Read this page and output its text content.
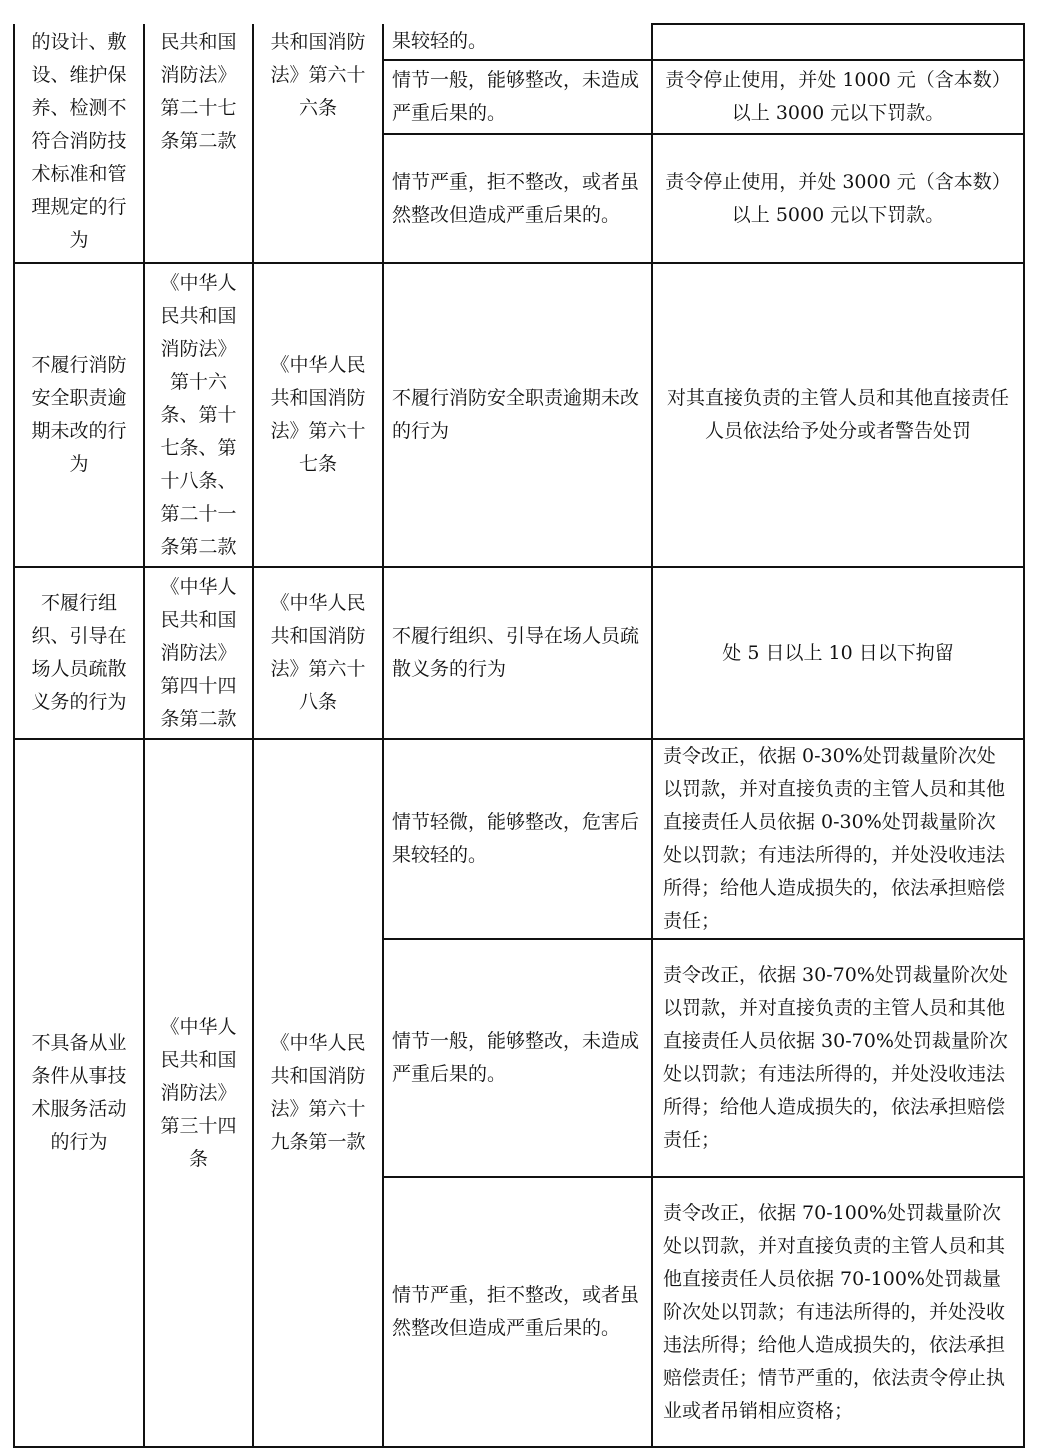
的设计、敷设、维护保养、检测不符合消防技术标准和管理规定的行为	民共和国消防法》第二十七条第二款	共和国消防法》第六十六条	果较轻的。	
			情节一般，能够整改，未造成严重后果的。	责令停止使用，并处 1000 元（含本数）以上 3000 元以下罚款。
			情节严重，拒不整改，或者虽然整改但造成严重后果的。	责令停止使用，并处 3000 元（含本数）以上 5000 元以下罚款。
不履行消防安全职责逾期未改的行为	《中华人民共和国消防法》第十六条、第十七条、第十八条、第二十一条第二款	《中华人民共和国消防法》第六十七条	不履行消防安全职责逾期未改的行为	对其直接负责的主管人员和其他直接责任人员依法给予处分或者警告处罚
不履行组织、引导在场人员疏散义务的行为	《中华人民共和国消防法》第四十四条第二款	《中华人民共和国消防法》第六十八条	不履行组织、引导在场人员疏散义务的行为	处 5 日以上 10 日以下拘留
不具备从业条件从事技术服务活动的行为	《中华人民共和国消防法》第三十四条	《中华人民共和国消防法》第六十九条第一款	情节轻微，能够整改，危害后果较轻的。	责令改正，依据 0-30%处罚裁量阶次处以罚款，并对直接负责的主管人员和其他直接责任人员依据 0-30%处罚裁量阶次处以罚款；有违法所得的，并处没收违法所得；给他人造成损失的，依法承担赔偿责任；
			情节一般，能够整改，未造成严重后果的。	责令改正，依据 30-70%处罚裁量阶次处以罚款，并对直接负责的主管人员和其他直接责任人员依据 30-70%处罚裁量阶次处以罚款；有违法所得的，并处没收违法所得；给他人造成损失的，依法承担赔偿责任；
			情节严重，拒不整改，或者虽然整改但造成严重后果的。	责令改正，依据 70-100%处罚裁量阶次处以罚款，并对直接负责的主管人员和其他直接责任人员依据 70-100%处罚裁量阶次处以罚款；有违法所得的，并处没收违法所得；给他人造成损失的，依法承担赔偿责任；情节严重的，依法责令停止执业或者吊销相应资格；
